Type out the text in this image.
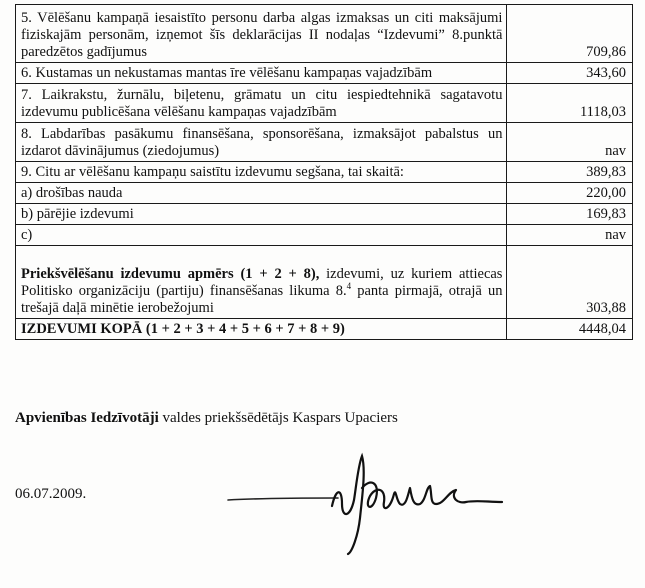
5. Vēlēšanu kampaņā iesaistīto personu darba algas izmaksas un citi maksājumi fiziskajām personām, izņemot šīs deklarācijas II nodaļas “Izdevumi” 8.punktā paredzētos gadījumus	709,86
6. Kustamas un nekustamas mantas īre vēlēšanu kampaņas vajadzībām	343,60
7. Laikrakstu, žurnālu, biļetenu, grāmatu un citu iespiedtehnikā sagatavotu izdevumu publicēšana vēlēšanu kampaņas vajadzībām	1118,03
8. Labdarības pasākumu finansēšana, sponsorēšana, izmaksājot pabalstus un izdarot dāvinājumus (ziedojumus)	nav
9. Citu ar vēlēšanu kampaņu saistītu izdevumu segšana, tai skaitā:	389,83
a) drošības nauda	220,00
b) pārējie izdevumi	169,83
c)	nav
Priekšvēlēšanu izdevumu apmērs (1 + 2 + 8), izdevumi, uz kuriem attiecas Politisko organizāciju (partiju) finansēšanas likuma 8.$^4$ panta pirmajā, otrajā un trešajā daļā minētie ierobežojumi	303,88
IZDEVUMI KOPĀ (1 + 2 + 3 + 4 + 5 + 6 + 7 + 8 + 9)	4448,04
Apvienības Iedzīvotāji valdes priekšsēdētājs Kaspars Upaciers
06.07.2009.
